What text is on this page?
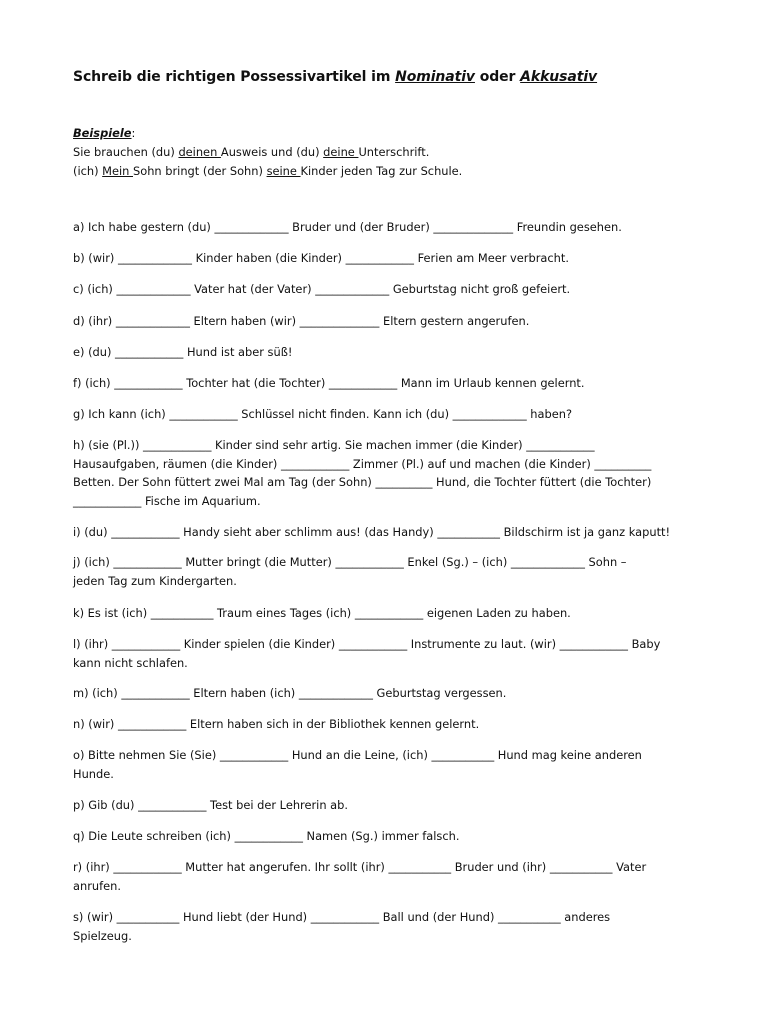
Schreib die richtigen Possessivartikel im Nominativ oder Akkusativ
Beispiele:
Sie brauchen (du) deinen Ausweis und (du) deine Unterschrift.
(ich) Mein Sohn bringt (der Sohn) seine Kinder jeden Tag zur Schule.
a) Ich habe gestern (du) _____________ Bruder und (der Bruder) ______________ Freundin gesehen.
b) (wir) _____________ Kinder haben (die Kinder) ____________ Ferien am Meer verbracht.
c) (ich) _____________ Vater hat (der Vater) _____________ Geburtstag nicht groß gefeiert.
d) (ihr) _____________ Eltern haben (wir) ______________ Eltern gestern angerufen.
e) (du) ____________ Hund ist aber süß!
f) (ich) ____________ Tochter hat (die Tochter) ____________ Mann im Urlaub kennen gelernt.
g) Ich kann (ich) ____________ Schlüssel nicht finden. Kann ich (du) _____________ haben?
h) (sie (Pl.)) ____________ Kinder sind sehr artig. Sie machen immer (die Kinder) ____________
Hausaufgaben, räumen (die Kinder) ____________ Zimmer (Pl.) auf und machen (die Kinder) __________
Betten. Der Sohn füttert zwei Mal am Tag (der Sohn) __________ Hund, die Tochter füttert (die Tochter)
____________ Fische im Aquarium.
i) (du) ____________ Handy sieht aber schlimm aus! (das Handy) ___________ Bildschirm ist ja ganz kaputt!
j) (ich) ____________ Mutter bringt (die Mutter) ____________ Enkel (Sg.) – (ich) _____________ Sohn –
jeden Tag zum Kindergarten.
k) Es ist (ich) ___________ Traum eines Tages (ich) ____________ eigenen Laden zu haben.
l) (ihr) ____________ Kinder spielen (die Kinder) ____________ Instrumente zu laut. (wir) ____________ Baby
kann nicht schlafen.
m) (ich) ____________ Eltern haben (ich) _____________ Geburtstag vergessen.
n) (wir) ____________ Eltern haben sich in der Bibliothek kennen gelernt.
o) Bitte nehmen Sie (Sie) ____________ Hund an die Leine, (ich) ___________ Hund mag keine anderen
Hunde.
p) Gib (du) ____________ Test bei der Lehrerin ab.
q) Die Leute schreiben (ich) ____________ Namen (Sg.) immer falsch.
r) (ihr) ____________ Mutter hat angerufen. Ihr sollt (ihr) ___________ Bruder und (ihr) ___________ Vater
anrufen.
s) (wir) ___________ Hund liebt (der Hund) ____________ Ball und (der Hund) ___________ anderes
Spielzeug.
